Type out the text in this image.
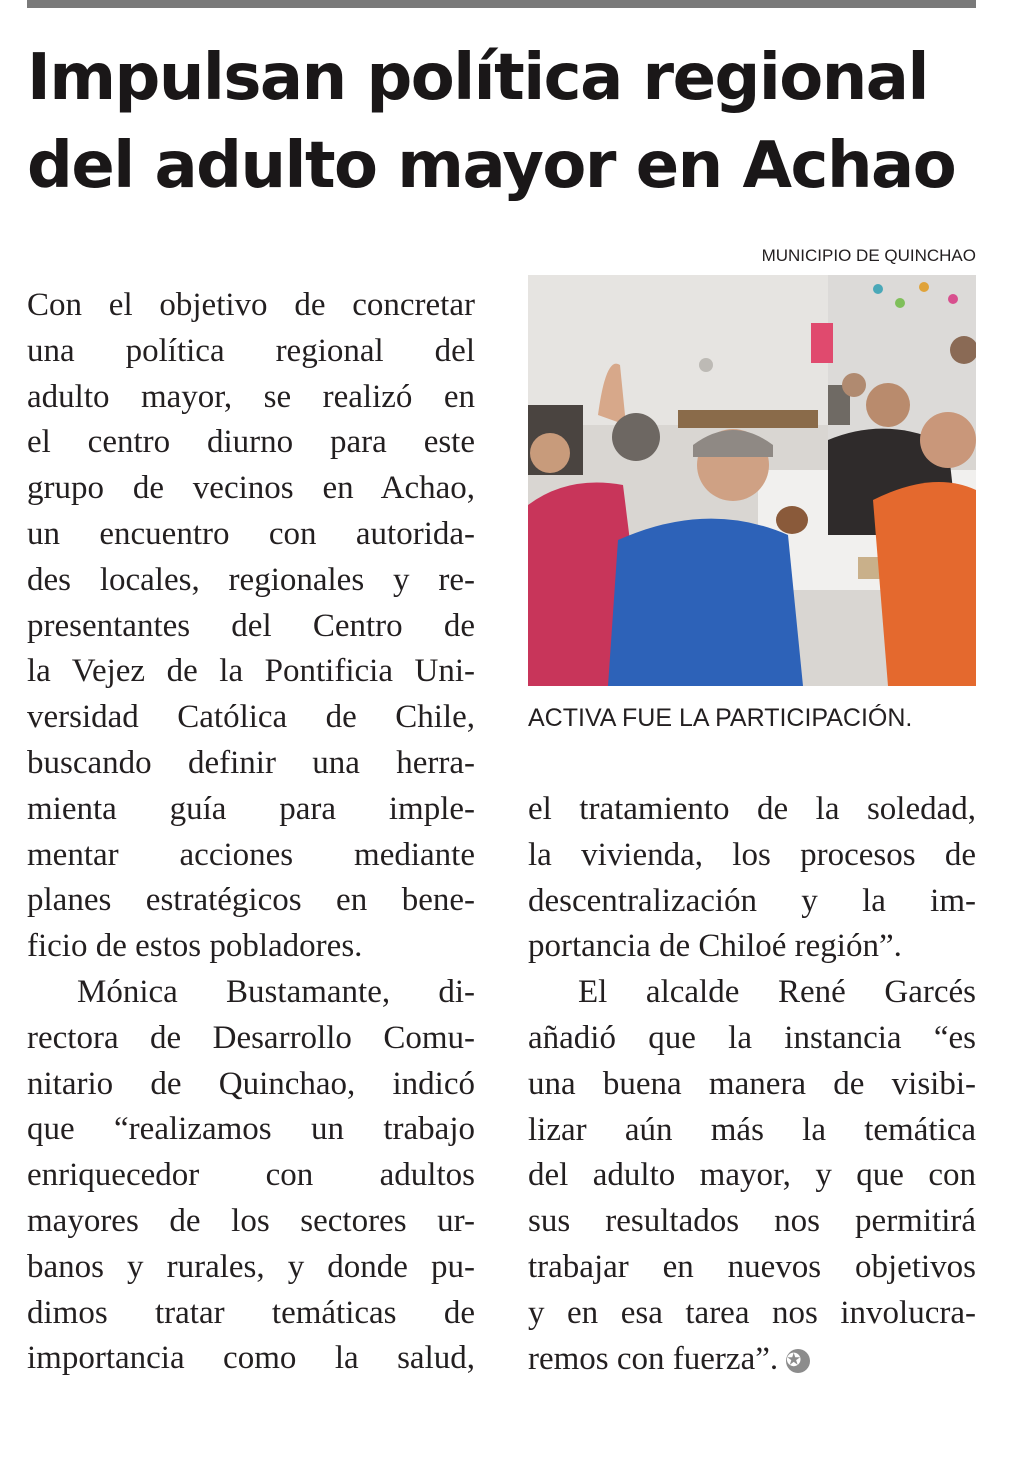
Impulsan política regional
del adulto mayor en Achao
MUNICIPIO DE QUINCHAO
ACTIVA FUE LA PARTICIPACIÓN.
Con el objetivo de concretar
una política regional del
adulto mayor, se realizó en
el centro diurno para este
grupo de vecinos en Achao,
un encuentro con autorida-
des locales, regionales y re-
presentantes del Centro de
la Vejez de la Pontificia Uni-
versidad Católica de Chile,
buscando definir una herra-
mienta guía para imple-
mentar acciones mediante
planes estratégicos en bene-
ficio de estos pobladores.
Mónica Bustamante, di-
rectora de Desarrollo Comu-
nitario de Quinchao, indicó
que “realizamos un trabajo
enriquecedor con adultos
mayores de los sectores ur-
banos y rurales, y donde pu-
dimos tratar temáticas de
importancia como la salud,
el tratamiento de la soledad,
la vivienda, los procesos de
descentralización y la im-
portancia de Chiloé región”.
El alcalde René Garcés
añadió que la instancia “es
una buena manera de visibi-
lizar aún más la temática
del adulto mayor, y que con
sus resultados nos permitirá
trabajar en nuevos objetivos
y en esa tarea nos involucra-
remos con fuerza”. ✪
